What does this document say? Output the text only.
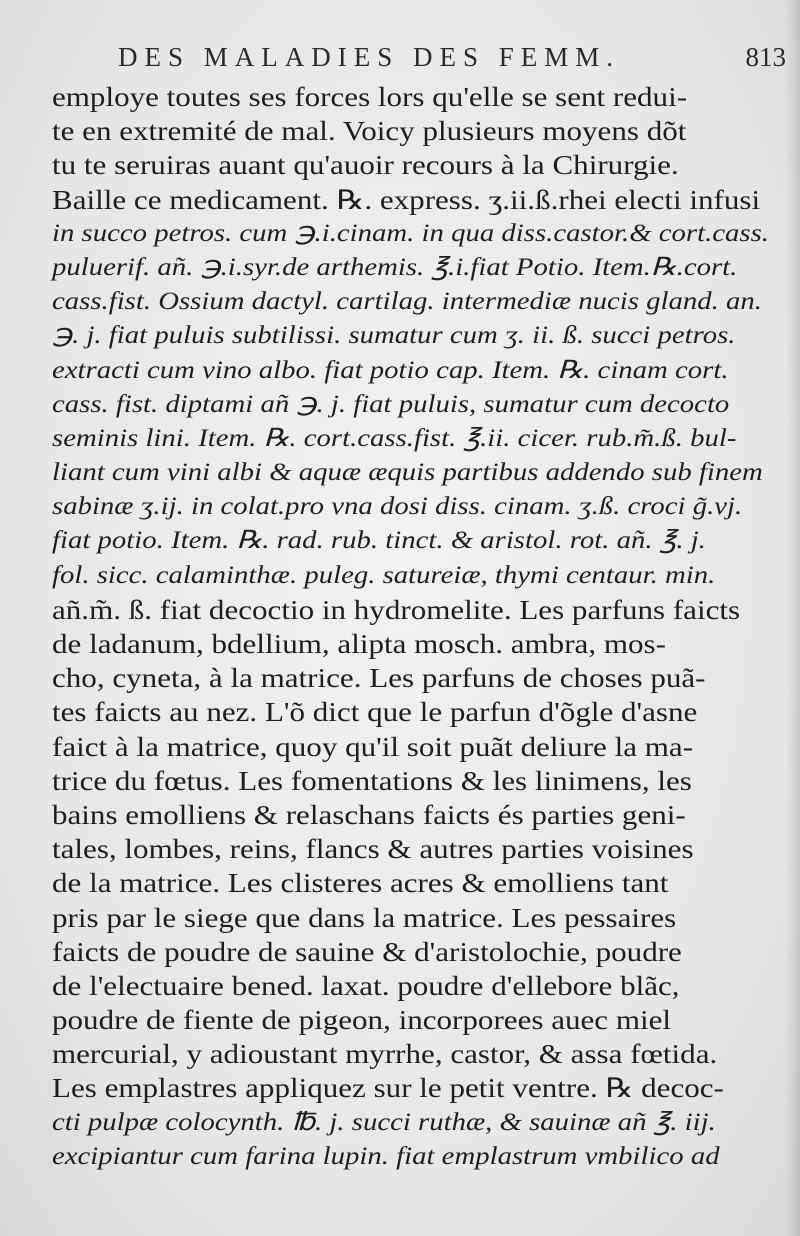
DES MALADIES DES FEMM.	813
employe toutes ses forces lors qu'elle se sent redui-
te en extremité de mal. Voicy plusieurs moyens dõt
tu te seruiras auant qu'auoir recours à la Chirurgie.
Baille ce medicament. ℞. express. ʒ.ii.ß.rhei electi infusi
in succo petros. cum ℈.i.cinam. in qua diss.castor.& cort.cass.
puluerif. añ. ℈.i.syr.de arthemis. ℥.i.fiat Potio. Item.℞.cort.
cass.fist. Ossium dactyl. cartilag. intermediæ nucis gland. an.
℈. j. fiat puluis subtilissi. sumatur cum ʒ. ii. ß. succi petros.
extracti cum vino albo. fiat potio cap. Item. ℞. cinam cort.
cass. fist. diptami añ ℈. j. fiat puluis, sumatur cum decocto
seminis lini. Item. ℞. cort.cass.fist. ℥.ii. cicer. rub.m̃.ß. bul-
liant cum vini albi & aquæ æquis partibus addendo sub finem
sabinæ ʒ.ij. in colat.pro vna dosi diss. cinam. ʒ.ß. croci g̃.vj.
fiat potio. Item. ℞. rad. rub. tinct. & aristol. rot. añ. ℥. j.
fol. sicc. calaminthæ. puleg. satureiæ, thymi centaur. min.
añ.m̃. ß. fiat decoctio in hydromelite. Les parfuns faicts
de ladanum, bdellium, alipta mosch. ambra, mos-
cho, cyneta, à la matrice. Les parfuns de choses puã-
tes faicts au nez. L'õ dict que le parfun d'õgle d'asne
faict à la matrice, quoy qu'il soit puãt deliure la ma-
trice du fœtus. Les fomentations & les linimens, les
bains emolliens & relaschans faicts és parties geni-
tales, lombes, reins, flancs & autres parties voisines
de la matrice. Les clisteres acres & emolliens tant
pris par le siege que dans la matrice. Les pessaires
faicts de poudre de sauine & d'aristolochie, poudre
de l'electuaire bened. laxat. poudre d'ellebore blãc,
poudre de fiente de pigeon, incorporees auec miel
mercurial, y adioustant myrrhe, castor, & assa fœtida.
Les emplastres appliquez sur le petit ventre. ℞ decoc-
cti pulpæ colocynth. ℔. j. succi ruthæ, & sauinæ añ ℥. iij.
excipiantur cum farina lupin. fiat emplastrum vmbilico ad
